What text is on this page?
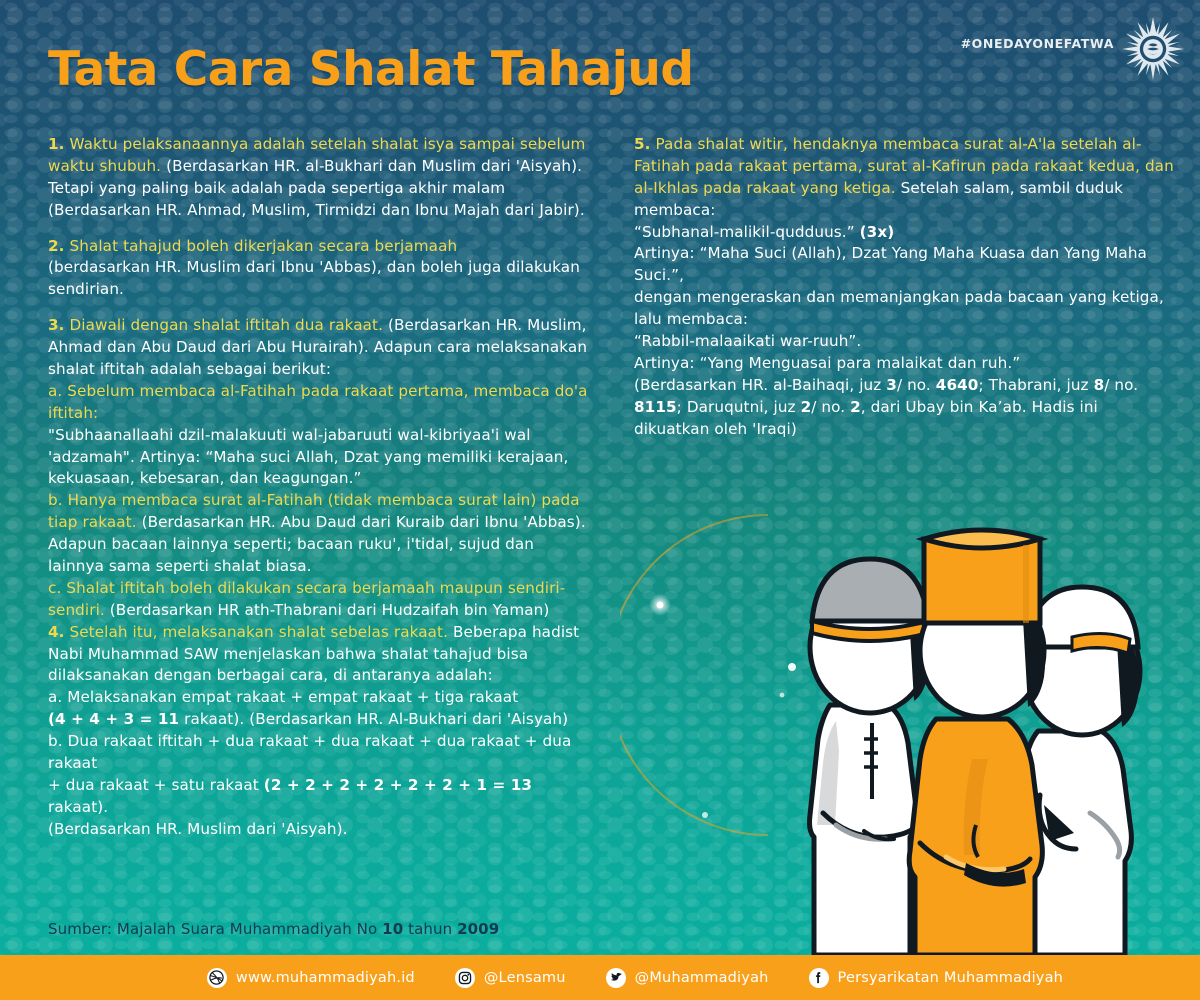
#ONEDAYONEFATWA
Tata Cara Shalat Tahajud

1. Waktu pelaksanaannya adalah setelah shalat isya sampai sebelum waktu shubuh. (Berdasarkan HR. al-Bukhari dan Muslim dari 'Aisyah). Tetapi yang paling baik adalah pada sepertiga akhir malam (Berdasarkan HR. Ahmad, Muslim, Tirmidzi dan Ibnu Majah dari Jabir).

2. Shalat tahajud boleh dikerjakan secara berjamaah
(berdasarkan HR. Muslim dari Ibnu 'Abbas), dan boleh juga dilakukan sendirian.

3. Diawali dengan shalat iftitah dua rakaat. (Berdasarkan HR. Muslim, Ahmad dan Abu Daud dari Abu Hurairah). Adapun cara melaksanakan shalat iftitah adalah sebagai berikut:

a. Sebelum membaca al-Fatihah pada rakaat pertama, membaca do'a iftitah:
"Subhaanallaahi dzil-malakuuti wal-jabaruuti wal-kibriyaa'i wal 'adzamah". Artinya: “Maha suci Allah, Dzat yang memiliki kerajaan, kekuasaan, kebesaran, dan keagungan.”

b. Hanya membaca surat al-Fatihah (tidak membaca surat lain) pada tiap rakaat. (Berdasarkan HR. Abu Daud dari Kuraib dari Ibnu 'Abbas). Adapun bacaan lainnya seperti; bacaan ruku', i'tidal, sujud dan lainnya sama seperti shalat biasa.

c. Shalat iftitah boleh dilakukan secara berjamaah maupun sendiri-sendiri. (Berdasarkan HR ath-Thabrani dari Hudzaifah bin Yaman)

4. Setelah itu, melaksanakan shalat sebelas rakaat. Beberapa hadist Nabi Muhammad SAW menjelaskan bahwa shalat tahajud bisa dilaksanakan dengan berbagai cara, di antaranya adalah:

a. Melaksanakan empat rakaat + empat rakaat + tiga rakaat
(4 + 4 + 3 = 11 rakaat). (Berdasarkan HR. Al-Bukhari dari 'Aisyah)

b. Dua rakaat iftitah + dua rakaat + dua rakaat + dua rakaat + dua rakaat
+ dua rakaat + satu rakaat (2 + 2 + 2 + 2 + 2 + 2 + 1 = 13 rakaat).
(Berdasarkan HR. Muslim dari 'Aisyah).

5. Pada shalat witir, hendaknya membaca surat al-A'la setelah al-Fatihah pada rakaat pertama, surat al-Kafirun pada rakaat kedua, dan al-Ikhlas pada rakaat yang ketiga. Setelah salam, sambil duduk membaca:
“Subhanal-malikil-qudduus.” (3x)
Artinya: “Maha Suci (Allah), Dzat Yang Maha Kuasa dan Yang Maha Suci.”,
dengan mengeraskan dan memanjangkan pada bacaan yang ketiga, lalu membaca:
“Rabbil-malaaikati war-ruuh”.
Artinya: “Yang Menguasai para malaikat dan ruh.”
(Berdasarkan HR. al-Baihaqi, juz 3/ no. 4640; Thabrani, juz 8/ no. 8115; Daruqutni, juz 2/ no. 2, dari Ubay bin Ka’ab. Hadis ini dikuatkan oleh 'Iraqi)

Sumber: Majalah Suara Muhammadiyah No 10 tahun 2009
www.muhammadiyah.id	@Lensamu	@Muhammadiyah	Persyarikatan Muhammadiyah
